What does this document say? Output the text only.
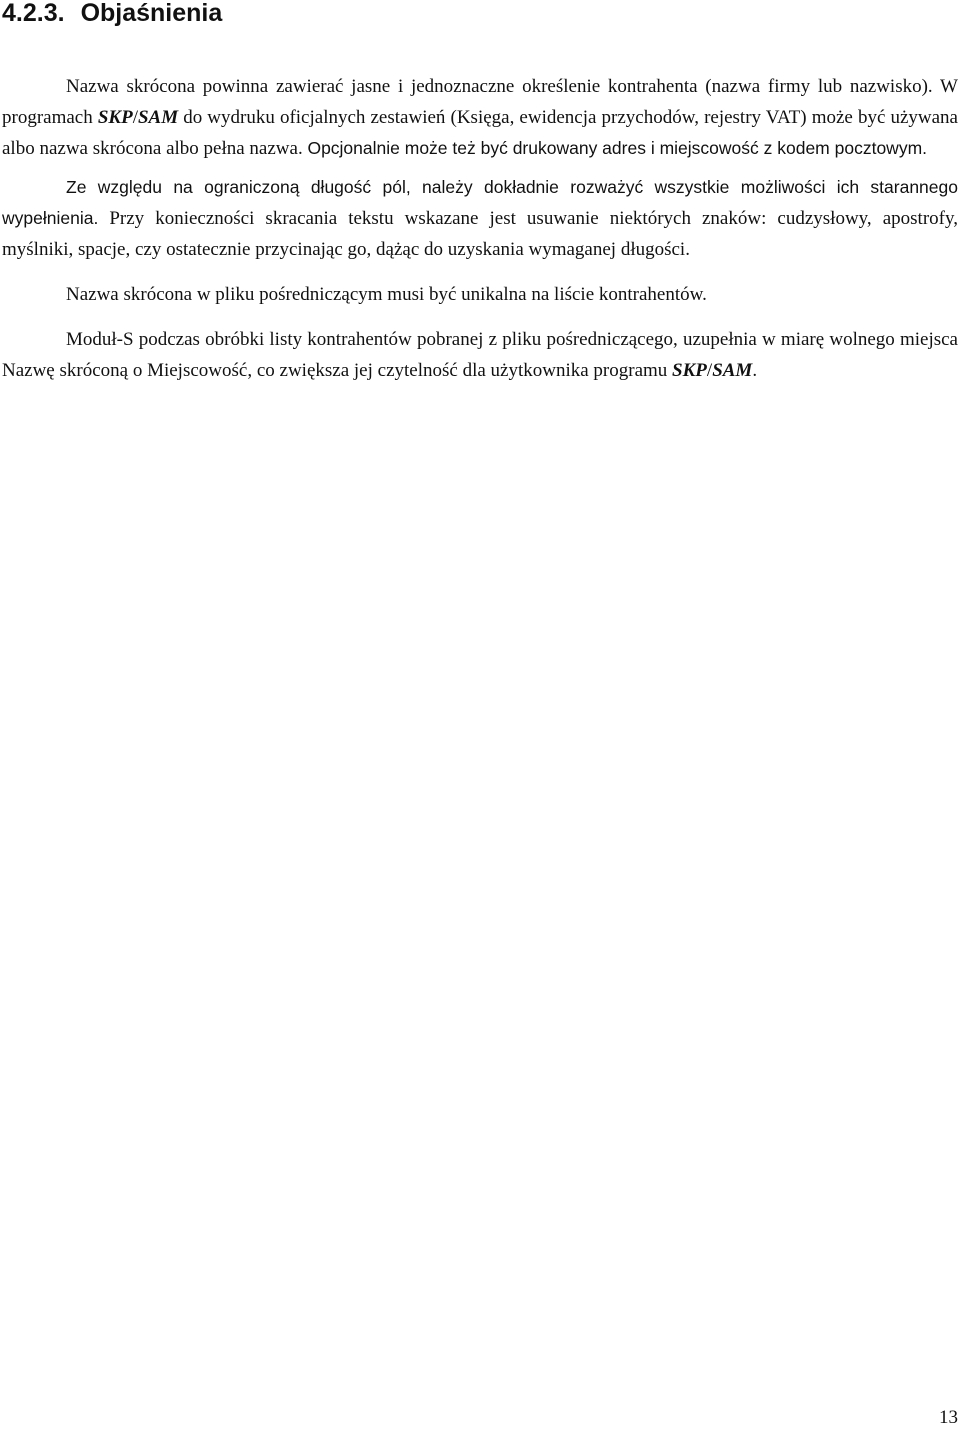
4.2.3. Objaśnienia

Nazwa skrócona powinna zawierać jasne i jednoznaczne określenie kontrahenta (nazwa firmy lub nazwisko). W programach SKP/SAM do wydruku oficjalnych zestawień (Księga, ewidencja przychodów, rejestry VAT) może być używana albo nazwa skrócona albo pełna nazwa. Opcjonalnie może też być drukowany adres i miejscowość z kodem pocztowym.

Ze względu na ograniczoną długość pól, należy dokładnie rozważyć wszystkie możliwości ich starannego wypełnienia. Przy konieczności skracania tekstu wskazane jest usuwanie niektórych znaków: cudzysłowy, apostrofy, myślniki, spacje, czy ostatecznie przycinając go, dążąc do uzyskania wymaganej długości.

Nazwa skrócona w pliku pośredniczącym musi być unikalna na liście kontrahentów.

Moduł-S podczas obróbki listy kontrahentów pobranej z pliku pośredniczącego, uzupełnia w miarę wolnego miejsca Nazwę skróconą o Miejscowość, co zwiększa jej czytelność dla użytkownika programu SKP/SAM.

13
